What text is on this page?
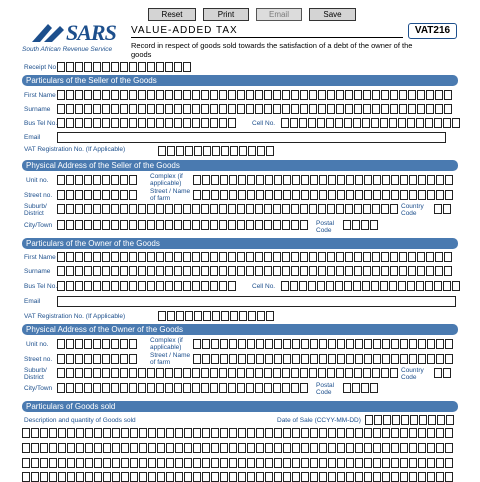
Reset	Print	Email	Save
SARS
South African Revenue Service
VALUE-ADDED TAX	VAT216
Record in respect of goods sold towards the satisfaction of a debt of the owner of the goods
Receipt No
Particulars of the Seller of the Goods
First Name
Surname
Bus Tel No.	Cell No.
Email
VAT Registration No. (If Applicable)
Physical Address of the Seller of the Goods
Unit no.
Complex (if applicable)
Street no.
Street / Name of farm
Suburb/ District
Country Code
City/Town	Postal Code
Particulars of the Owner of the Goods
First Name
Surname
Bus Tel No.	Cell No.
Email
VAT Registration No. (If Applicable)
Physical Address of the Owner of the Goods
Unit no.
Complex (if applicable)
Street no.
Street / Name of farm
Suburb/ District
Country Code
City/Town	Postal Code
Particulars of Goods sold
Description and quantity of Goods sold	Date of Sale (CCYY-MM-DD)
